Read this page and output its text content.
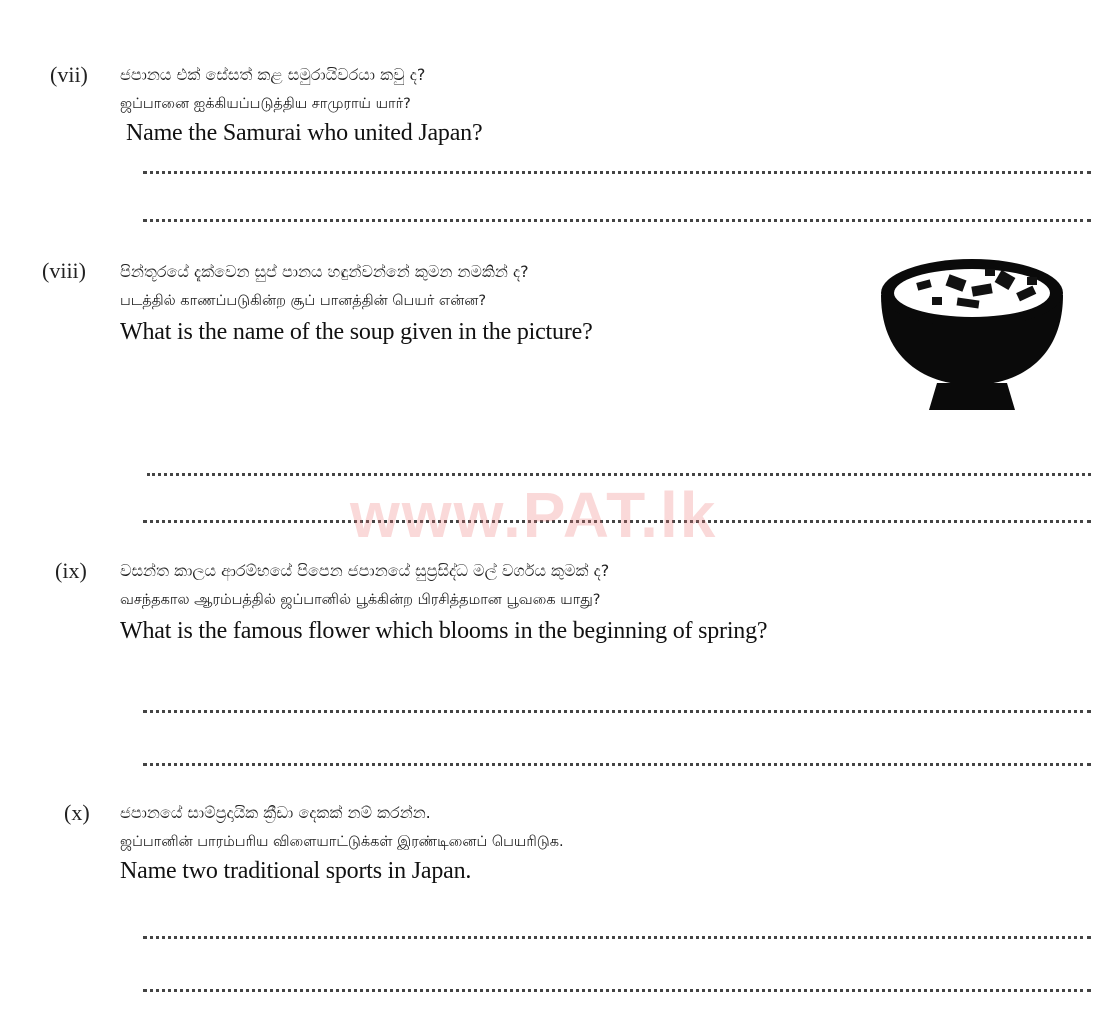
(vii) ජපානය එක් සේසත් කළ සමුරායිවරයා කවු ද?
ஜப்பானை ஐக்கியப்படுத்திய சாமுராய் யார்?
Name the Samurai who united Japan?
(viii) පින්තූරයේ දැක්වෙන සුප් පානය හඳුන්වන්නේ කුමන නමකින් ද?
படத்தில் காணப்படுகின்ற சூப் பானத்தின் பெயர் என்ன?
What is the name of the soup given in the picture?
www.PAT.lk
(ix) වසන්ත කාලය ආරම්භයේ පිපෙන ජපානයේ සුප්‍රසිද්ධ මල් වර්ගය කුමක් ද?
வசந்தகால ஆரம்பத்தில் ஜப்பானில் பூக்கின்ற பிரசித்தமான பூவகை யாது?
What is the famous flower which blooms in the beginning of spring?
(x) ජපානයේ සාම්ප්‍රදායික ක්‍රීඩා දෙකක් නම් කරන්න.
ஜப்பானின் பாரம்பரிய விளையாட்டுக்கள் இரண்டினைப் பெயரிடுக.
Name two traditional sports in Japan.
